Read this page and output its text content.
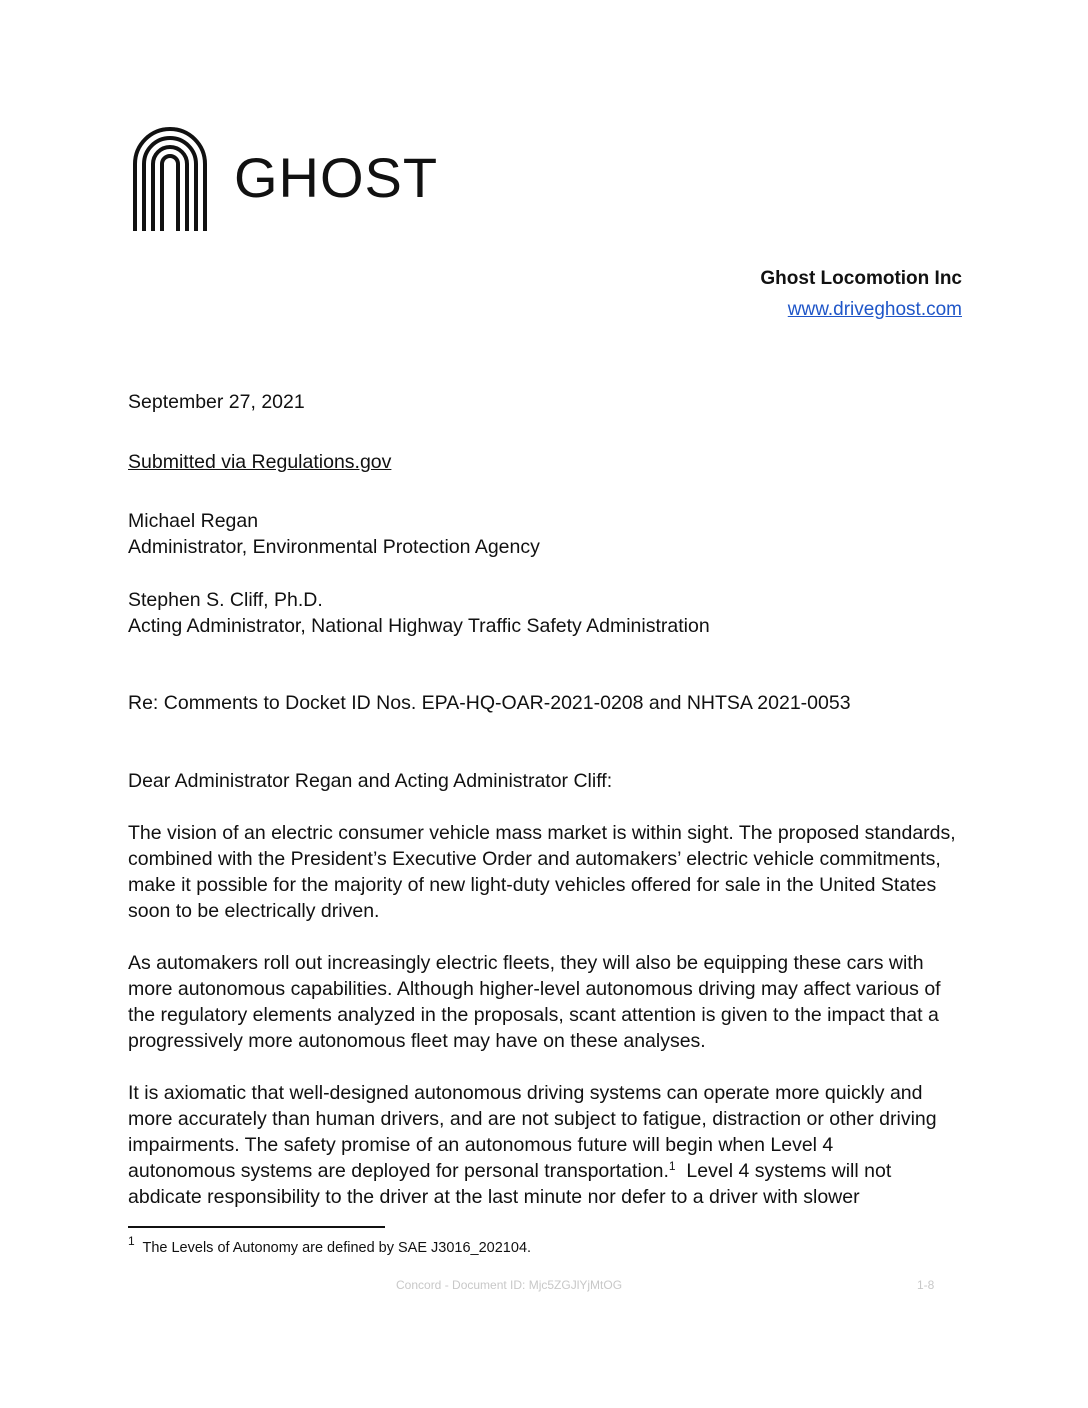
GHOST
Ghost Locomotion Inc
www.driveghost.com
September 27, 2021
Submitted via Regulations.gov
Michael Regan
Administrator, Environmental Protection Agency
Stephen S. Cliff, Ph.D.
Acting Administrator, National Highway Traffic Safety Administration
Re: Comments to Docket ID Nos. EPA-HQ-OAR-2021-0208 and NHTSA 2021-0053
Dear Administrator Regan and Acting Administrator Cliff:
The vision of an electric consumer vehicle mass market is within sight. The proposed standards,
combined with the President’s Executive Order and automakers’ electric vehicle commitments,
make it possible for the majority of new light-duty vehicles offered for sale in the United States
soon to be electrically driven.
As automakers roll out increasingly electric fleets, they will also be equipping these cars with
more autonomous capabilities. Although higher-level autonomous driving may affect various of
the regulatory elements analyzed in the proposals, scant attention is given to the impact that a
progressively more autonomous fleet may have on these analyses.
It is axiomatic that well-designed autonomous driving systems can operate more quickly and
more accurately than human drivers, and are not subject to fatigue, distraction or other driving
impairments. The safety promise of an autonomous future will begin when Level 4
autonomous systems are deployed for personal transportation.$^1$  Level 4 systems will not
abdicate responsibility to the driver at the last minute nor defer to a driver with slower
$^1$  The Levels of Autonomy are defined by SAE J3016_202104.
Concord - Document ID: Mjc5ZGJlYjMtOG	1-8
